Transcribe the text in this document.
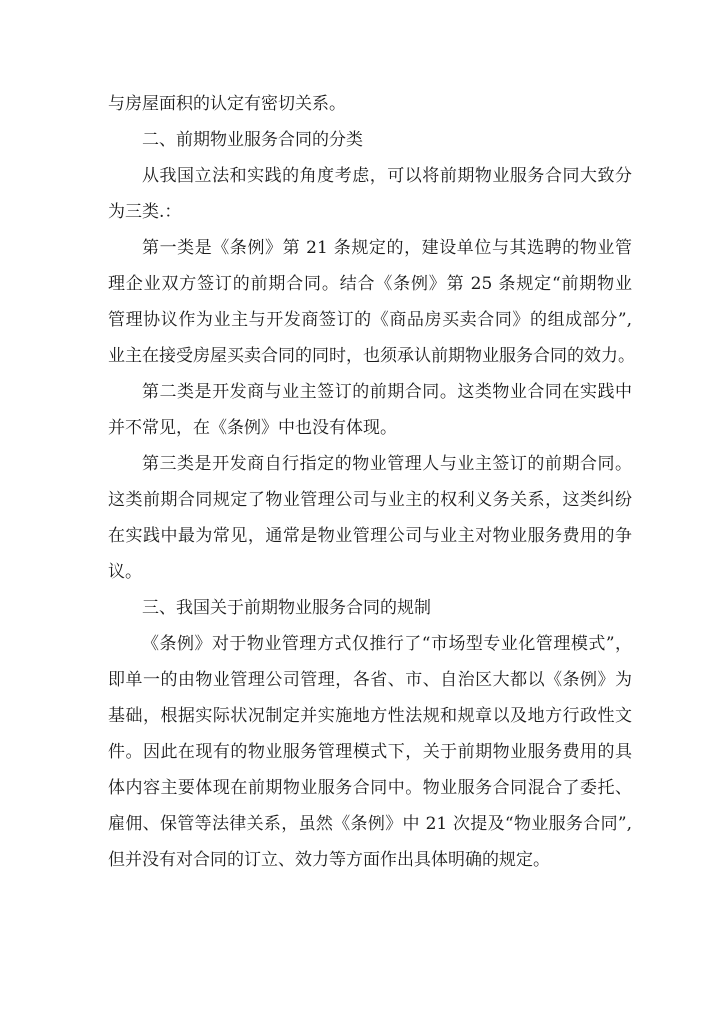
与房屋面积的认定有密切关系。
二、前期物业服务合同的分类
从我国立法和实践的角度考虑，可以将前期物业服务合同大致分
为三类.：
第一类是《条例》第 21 条规定的，建设单位与其选聘的物业管
理企业双方签订的前期合同。结合《条例》第 25 条规定“前期物业
管理协议作为业主与开发商签订的《商品房买卖合同》的组成部分”,
业主在接受房屋买卖合同的同时，也须承认前期物业服务合同的效力。
第二类是开发商与业主签订的前期合同。这类物业合同在实践中
并不常见，在《条例》中也没有体现。
第三类是开发商自行指定的物业管理人与业主签订的前期合同。
这类前期合同规定了物业管理公司与业主的权利义务关系，这类纠纷
在实践中最为常见，通常是物业管理公司与业主对物业服务费用的争
议。
三、我国关于前期物业服务合同的规制
《条例》对于物业管理方式仅推行了“市场型专业化管理模式”，
即单一的由物业管理公司管理，各省、市、自治区大都以《条例》为
基础，根据实际状况制定并实施地方性法规和规章以及地方行政性文
件。因此在现有的物业服务管理模式下，关于前期物业服务费用的具
体内容主要体现在前期物业服务合同中。物业服务合同混合了委托、
雇佣、保管等法律关系，虽然《条例》中 21 次提及“物业服务合同”,
但并没有对合同的订立、效力等方面作出具体明确的规定。
